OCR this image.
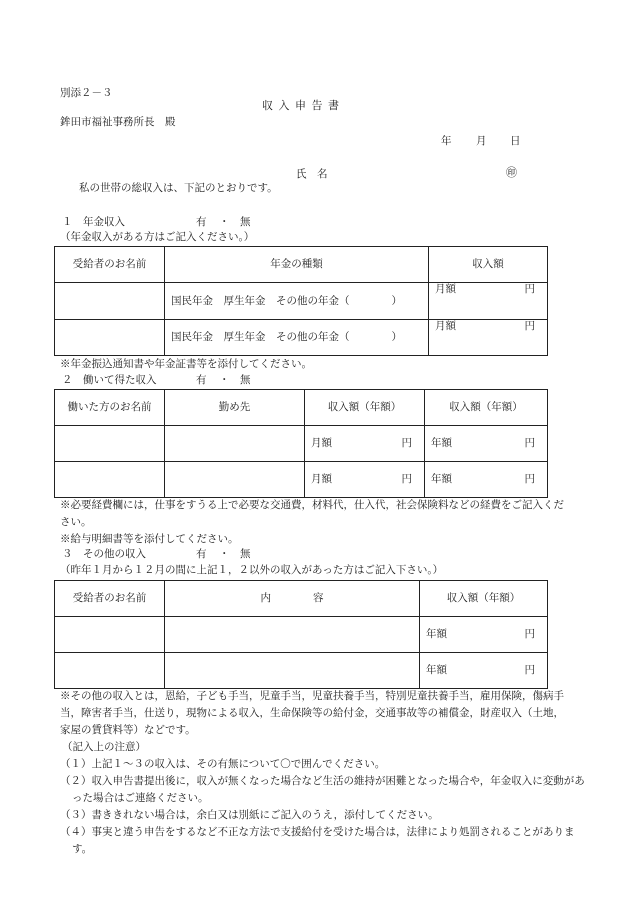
別添２－３
収 入 申 告 書
鉾田市福祉事務所長　殿
年 月 日
氏　名	㊞
私の世帯の総収入は、下記のとおりです。
１　年金収入	有 ・ 無
（年金収入がある方はご記入ください。）
受給者のお名前	年金の種類	収入額
	国民年金　厚生年金　その他の年金（　　　　）	月額 円

	国民年金　厚生年金　その他の年金（　　　　）	月額 円
※年金振込通知書や年金証書等を添付してください。
２　働いて得た収入	有 ・ 無
働いた方のお名前	勤め先	収入額（年額）	収入額（年額）
		月額 円	年額 円

		月額 円	年額 円
※必要経費欄には，仕事をすうる上で必要な交通費，材料代，仕入代，社会保険料などの経費をご記入ください。
※給与明細書等を添付してください。
３　その他の収入	有 ・ 無
（昨年１月から１２月の間に上記１，２以外の収入があった方はご記入下さい。）
受給者のお名前	内　　　　容	収入額（年額）
		年額 円

		年額 円
※その他の収入とは，恩給，子ども手当，児童手当，児童扶養手当，特別児童扶養手当，雇用保険，傷病手当，障害者手当，仕送り，現物による収入，生命保険等の給付金，交通事故等の補償金，財産収入（土地，家屋の賃貸料等）などです。
（記入上の注意）
（１）上記１～３の収入は、その有無について〇で囲んでください。
（２）収入申告書提出後に，収入が無くなった場合など生活の維持が困難となった場合や，年金収入に変動があった場合はご連絡ください。
（３）書ききれない場合は，余白又は別紙にご記入のうえ，添付してください。
（４）事実と違う申告をするなど不正な方法で支援給付を受けた場合は，法律により処罰されることがあります。
